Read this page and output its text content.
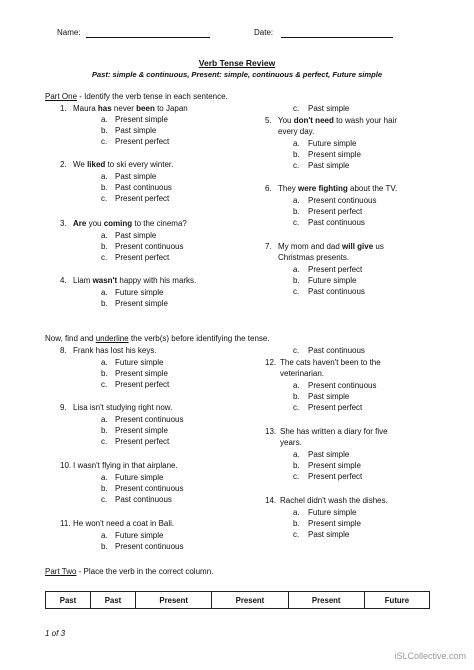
Name:	Date:
Verb Tense Review
Past: simple & continuous, Present: simple, continuous & perfect, Future simple
Part One - Identify the verb tense in each sentence.
1. Maura has never been to Japan
a. Present simple
b. Past simple
c. Present perfect
2. We liked to ski every winter.
a. Past simple
b. Past continuous
c. Present perfect
3. Are you coming to the cinema?
a. Past simple
b. Present continuous
c. Present perfect
4. Liam wasn't happy with his marks.
a. Future simple
b. Present simple
c. Past simple
5. You don't need to wash your hair
every day.
a. Future simple
b. Present simple
c. Past simple
6. They were fighting about the TV.
a. Present continuous
b. Present perfect
c. Past continuous
7. My mom and dad will give us
Christmas presents.
a. Present perfect
b. Future simple
c. Past continuous
Now, find and underline the verb(s) before identifying the tense.
8. Frank has lost his keys.
a. Future simple
b. Present simple
c. Present perfect
9. Lisa isn't studying right now.
a. Present continuous
b. Present simple
c. Present perfect
10. I wasn't flying in that airplane.
a. Future simple
b. Present continuous
c. Past continuous
11. He won't need a coat in Bali.
a. Future simple
b. Present continuous
c. Past continuous
12. The cats haven't been to the
veterinarian.
a. Present continuous
b. Past simple
c. Present perfect
13. She has written a diary for five
years.
a. Past simple
b. Present simple
c. Present perfect
14. Rachel didn't wash the dishes.
a. Future simple
b. Present simple
c. Past simple
Part Two - Place the verb in the correct column.
Past	Past	Present	Present	Present	Future
1 of 3
iSLCollective.com
